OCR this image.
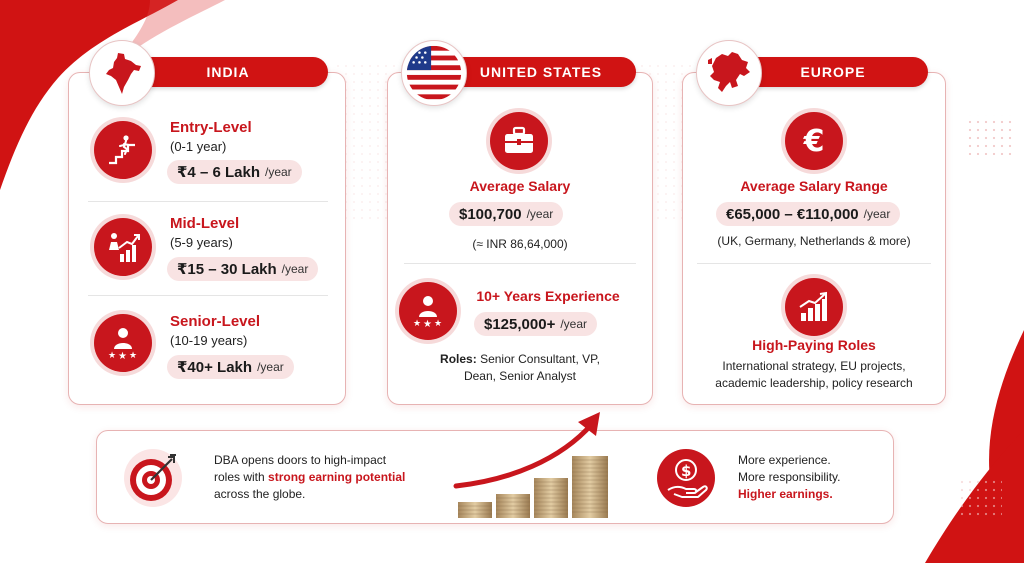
INDIA
Entry-Level
(0-1 year)
₹4 – 6 Lakh /year
Mid-Level
(5-9 years)
₹15 – 30 Lakh /year
★ ★ ★
Senior-Level
(10-19 years)
₹40+ Lakh /year
UNITED STATES
Average Salary
$100,700 /year
(≈ INR 86,64,000)
★ ★ ★
10+ Years Experience
$125,000+ /year
Roles: Senior Consultant, VP,
Dean, Senior Analyst
EUROPE
€
Average Salary Range
€65,000 – €110,000 /year
(UK, Germany, Netherlands & more)
High-Paying Roles
International strategy, EU projects,
academic leadership, policy research
DBA opens doors to high-impact
roles with strong earning potential
across the globe.
$
More experience.
More responsibility.
Higher earnings.
